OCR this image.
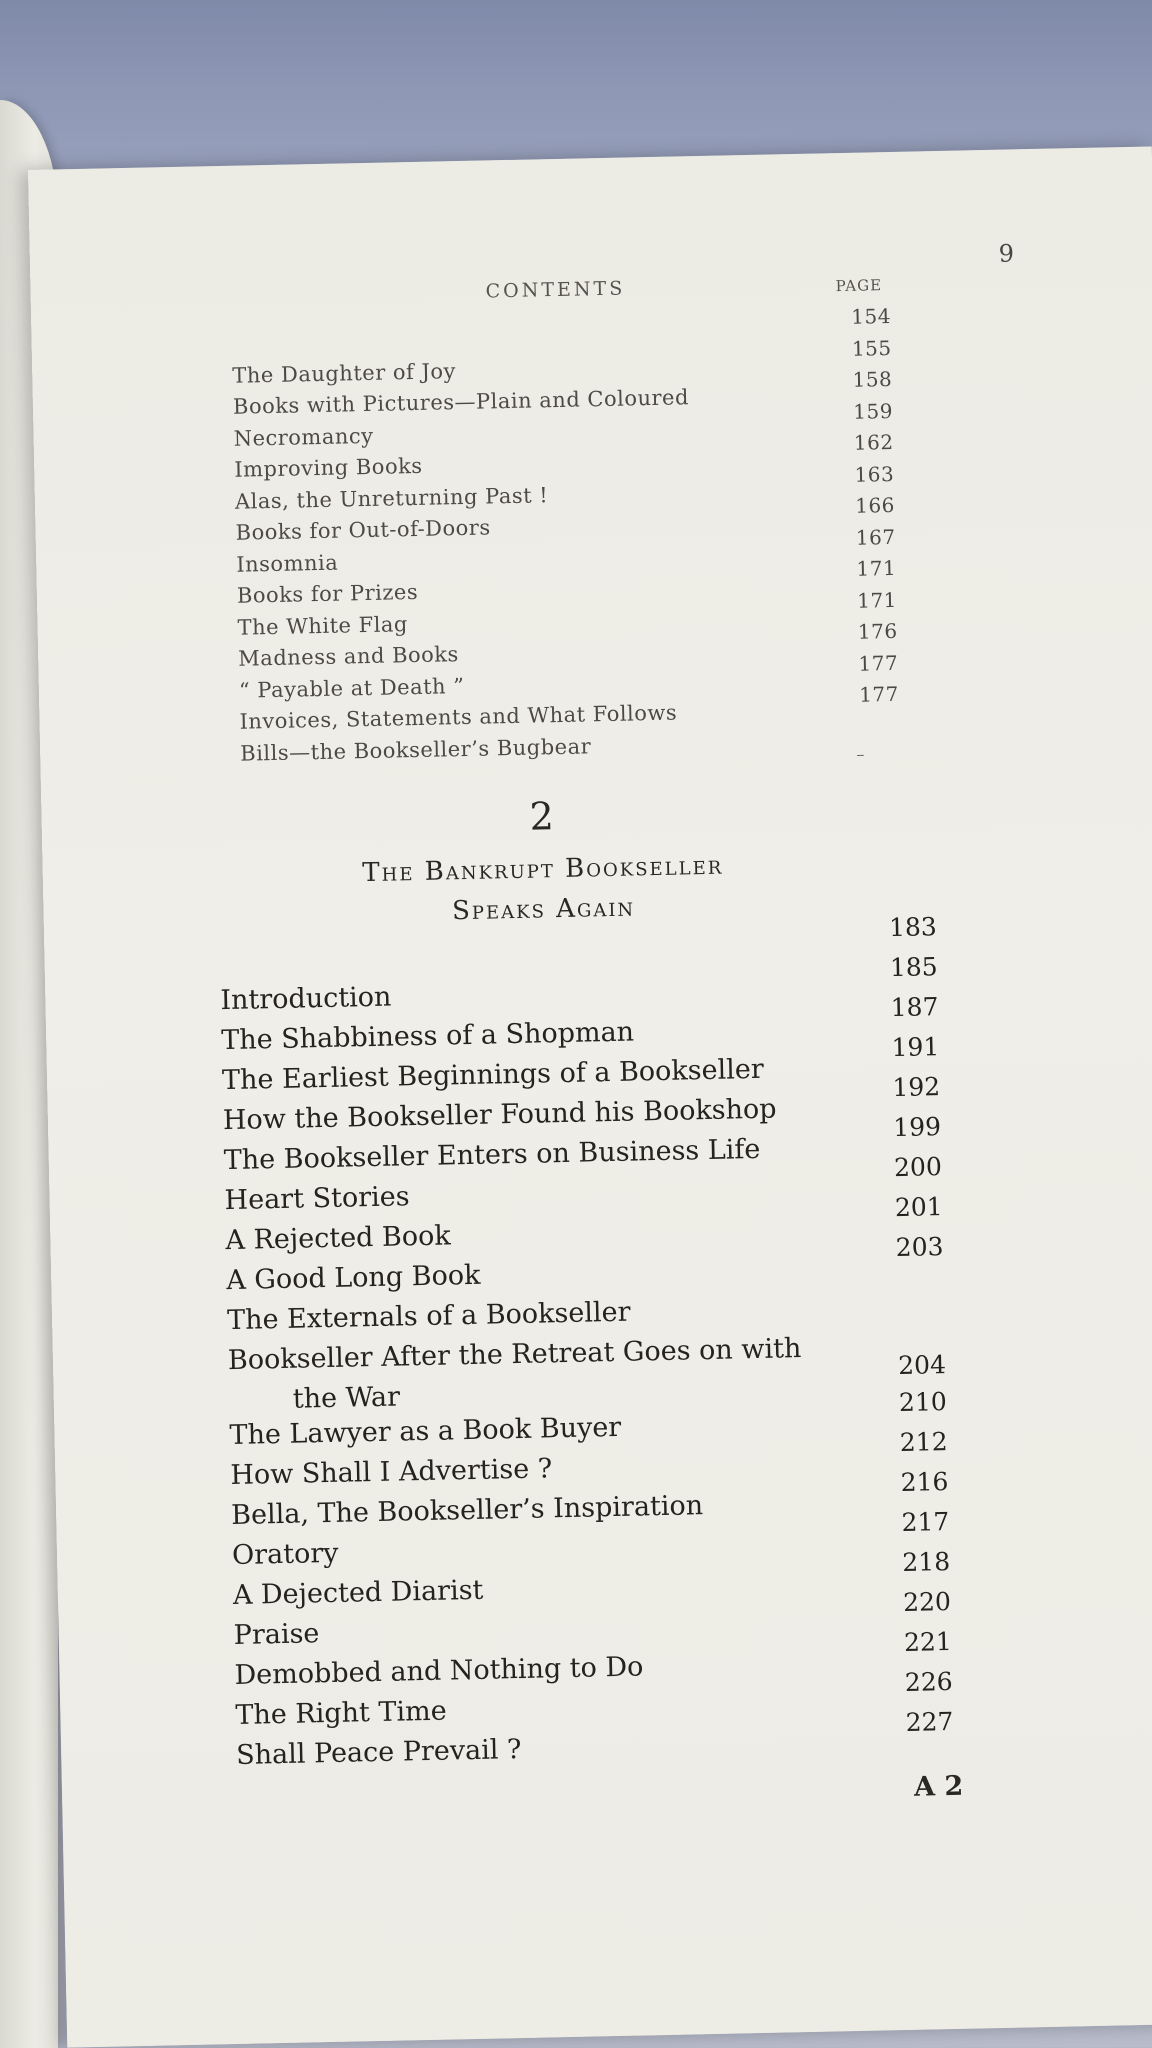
9
CONTENTS	PAGE
154
The Daughter of Joy
155
Books with Pictures—Plain and Coloured
158
Necromancy
159
Improving Books
162
Alas, the Unreturning Past !
163
Books for Out-of-Doors
166
Insomnia
167
Books for Prizes
171
The White Flag
171
Madness and Books
176
“ Payable at Death ”
177
Invoices, Statements and What Follows
177
Bills—the Bookseller’s Bugbear	–
2
The Bankrupt Bookseller
Speaks Again
183
Introduction
185
The Shabbiness of a Shopman
187
The Earliest Beginnings of a Bookseller
191
How the Bookseller Found his Bookshop
192
The Bookseller Enters on Business Life
199
Heart Stories
200
A Rejected Book
201
A Good Long Book
203
The Externals of a Bookseller
Bookseller After the Retreat Goes on with
the War
204
The Lawyer as a Book Buyer
210
How Shall I Advertise ?
212
Bella, The Bookseller’s Inspiration
216
Oratory
217
A Dejected Diarist
218
Praise
220
Demobbed and Nothing to Do
221
The Right Time
226
Shall Peace Prevail ?
227
A 2
